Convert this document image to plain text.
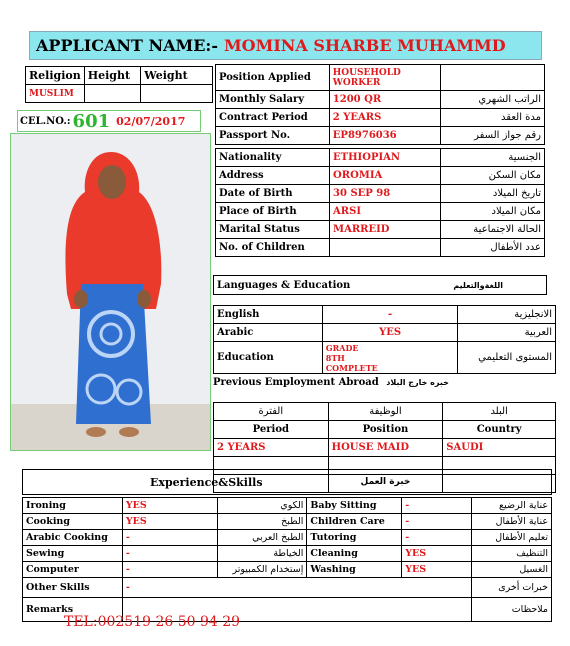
APPLICANT NAME:- MOMINA SHARBE MUHAMMD
Religion	Height	Weight
MUSLIM		
CEL.NO.: 601 02/07/2017
Position Applied	HOUSEHOLD WORKER	
Monthly Salary	1200 QR	الراتب الشهري
Contract Period	2 YEARS	مدة العقد
Passport No.	EP8976036	رقم جواز السفر
Nationality	ETHIOPIAN	الجنسية
Address	OROMIA	مكان السكن
Date of Birth	30 SEP 98	تاريخ الميلاد
Place of Birth	ARSI	مكان الميلاد
Marital Status	MARREID	الحالة الاجتماعية
No. of Children		عدد الأطفال
Languages & Education	اللغةوالتعليم
English	-	الانجليزية
Arabic	YES	العربية
Education	GRADE
8TH
COMPLETE	المستوى التعليمي
Previous Employment Abroad خبره خارج البلاد
الفترة	الوظيفة	البلد
Period	Position	Country
2 YEARS	HOUSE MAID	SAUDI

Experience&Skills	خبرة العمل
Ironing	YES	الكوي	Baby Sitting	-	عناية الرضيع
Cooking	YES	الطبخ	Children Care	-	عناية الأطفال
Arabic Cooking	-	الطبخ العربي	Tutoring	-	تعليم الأطفال
Sewing	-	الخياطة	Cleaning	YES	التنظيف
Computer	-	إستخدام الكمبيوتر	Washing	YES	الغسيل
Other Skills	-				خبرات أخرى
Remarks					ملاحظات
TEL:002519 26 50 94 29
